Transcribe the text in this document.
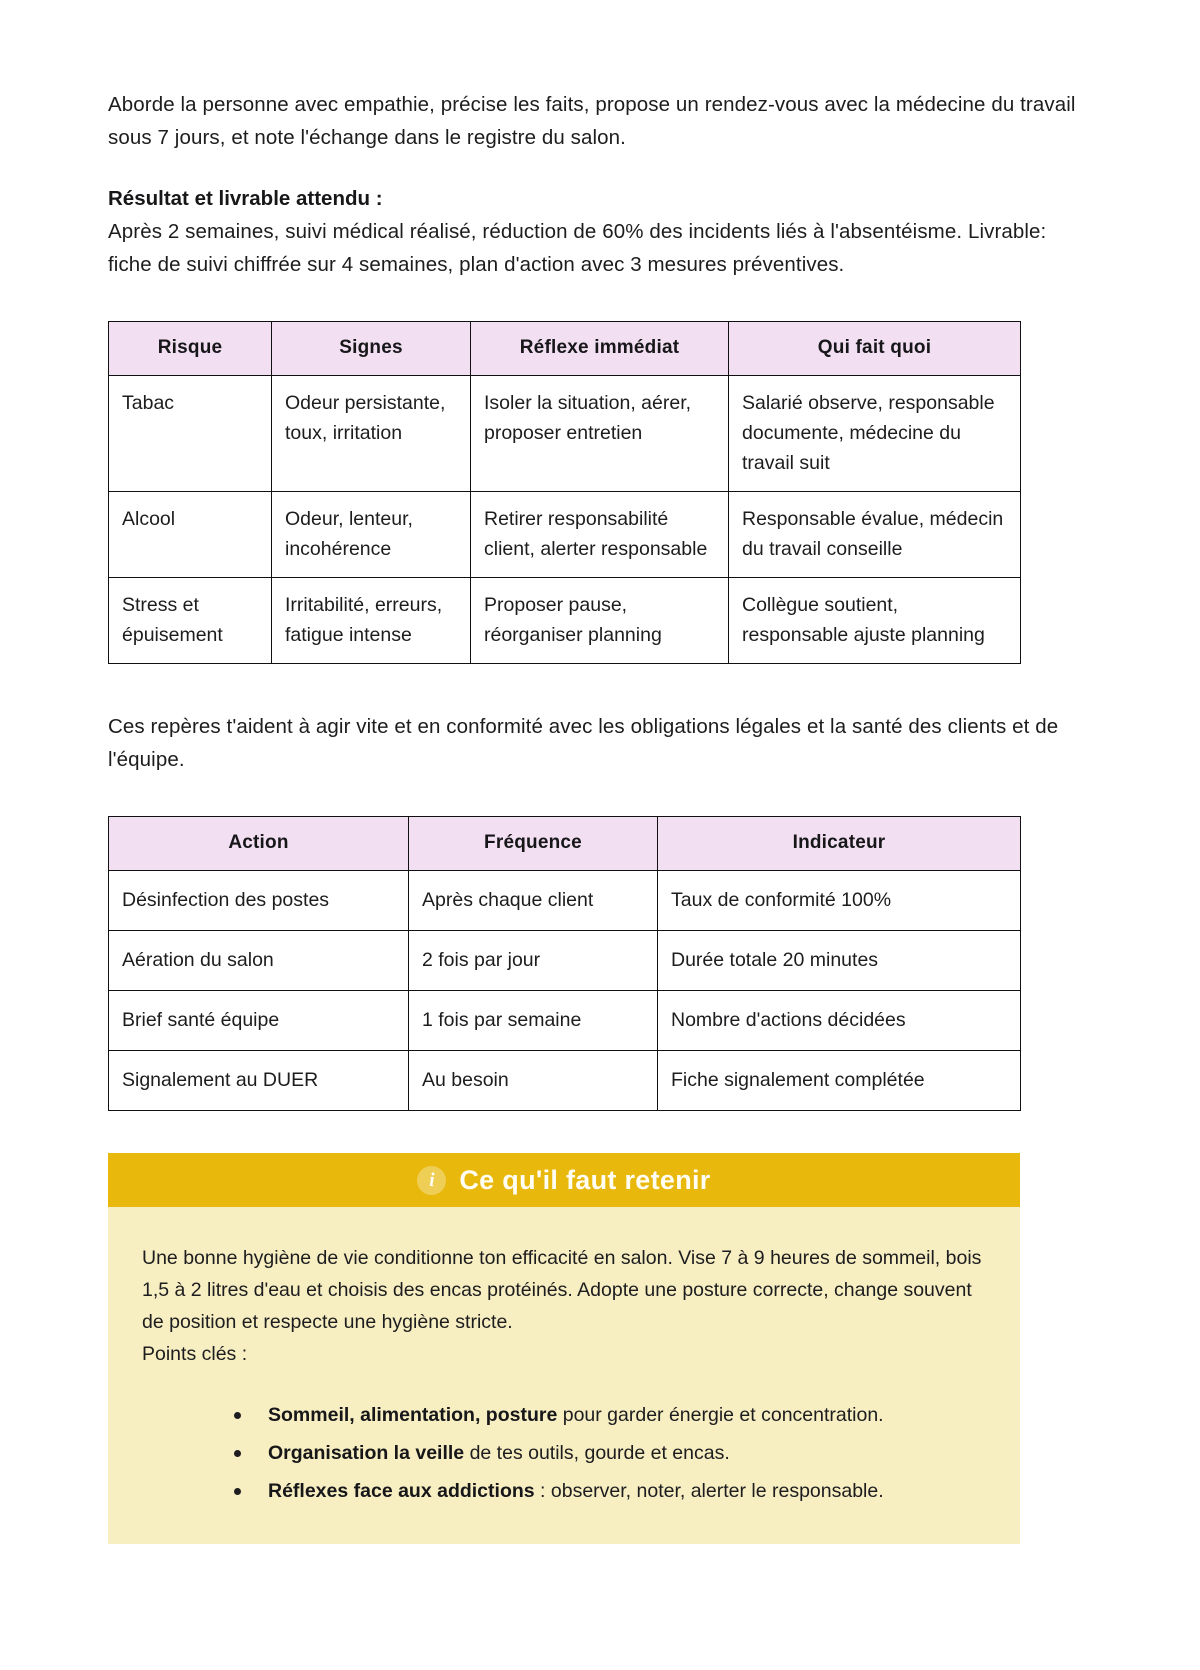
Aborde la personne avec empathie, précise les faits, propose un rendez-vous avec la médecine du travail sous 7 jours, et note l'échange dans le registre du salon.

Résultat et livrable attendu :

Après 2 semaines, suivi médical réalisé, réduction de 60% des incidents liés à l'absentéisme. Livrable: fiche de suivi chiffrée sur 4 semaines, plan d'action avec 3 mesures préventives.

Risque	Signes	Réflexe immédiat	Qui fait quoi
Tabac	Odeur persistante, toux, irritation	Isoler la situation, aérer, proposer entretien	Salarié observe, responsable documente, médecine du travail suit
Alcool	Odeur, lenteur, incohérence	Retirer responsabilité client, alerter responsable	Responsable évalue, médecin du travail conseille
Stress et épuisement	Irritabilité, erreurs, fatigue intense	Proposer pause, réorganiser planning	Collègue soutient, responsable ajuste planning

Ces repères t'aident à agir vite et en conformité avec les obligations légales et la santé des clients et de l'équipe.

Action	Fréquence	Indicateur
Désinfection des postes	Après chaque client	Taux de conformité 100%
Aération du salon	2 fois par jour	Durée totale 20 minutes
Brief santé équipe	1 fois par semaine	Nombre d'actions décidées
Signalement au DUER	Au besoin	Fiche signalement complétée
i Ce qu'il faut retenir

Une bonne hygiène de vie conditionne ton efficacité en salon. Vise 7 à 9 heures de sommeil, bois 1,5 à 2 litres d'eau et choisis des encas protéinés. Adopte une posture correcte, change souvent de position et respecte une hygiène stricte.

Points clés :

Sommeil, alimentation, posture pour garder énergie et concentration.
Organisation la veille de tes outils, gourde et encas.
Réflexes face aux addictions : observer, noter, alerter le responsable.
